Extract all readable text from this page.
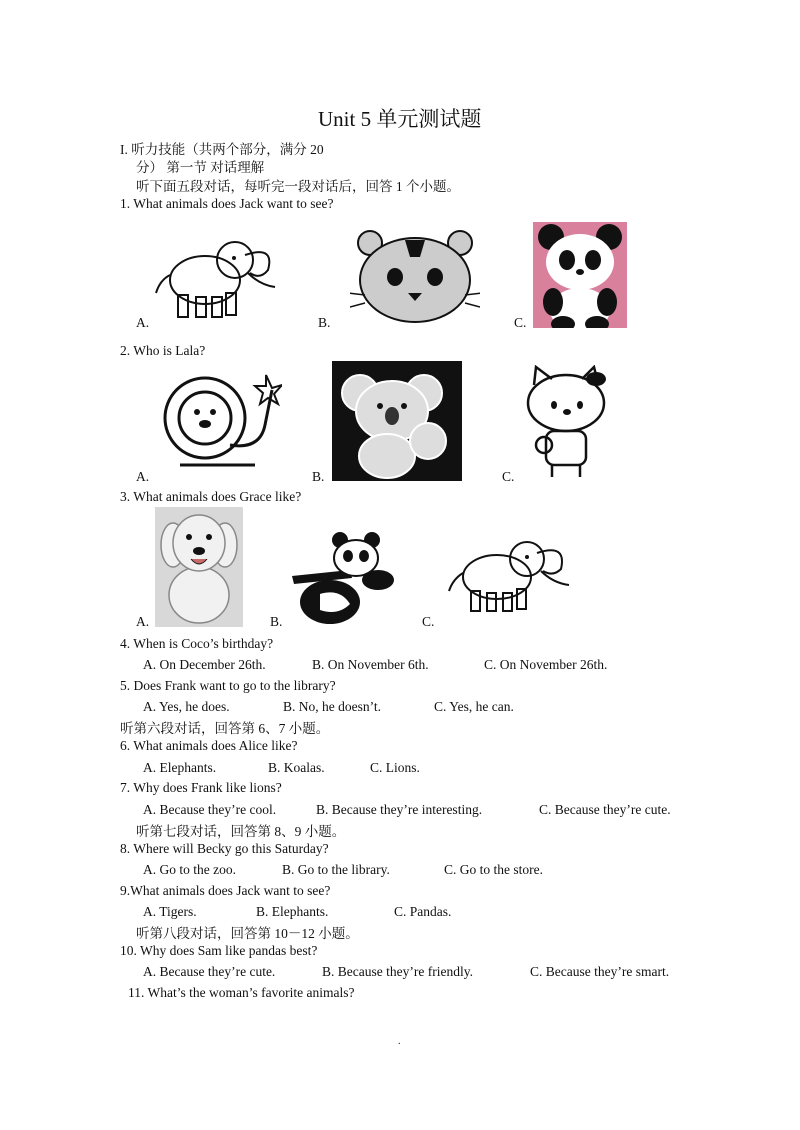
Unit 5 单元测试题
I. 听力技能（共两个部分，满分 20
分） 第一节 对话理解
听下面五段对话，每听完一段对话后，回答 1 个小题。
1. What animals does Jack want to see?
A.	B.	C.
2. Who is Lala?
A.	B.	C.
3. What animals does Grace like?
A.	B.	C.
4. When is Coco’s birthday?
A. On December 26th.	B. On November 6th.	C. On November 26th.
5. Does Frank want to go to the library?
A. Yes, he does.	B. No, he doesn’t.	C. Yes, he can.
听第六段对话，回答第 6、7 小题。
6. What animals does Alice like?
A. Elephants.	B. Koalas.	C. Lions.
7. Why does Frank like lions?
A. Because they’re cool.	B. Because they’re interesting.	C. Because they’re cute.
听第七段对话，回答第 8、9 小题。
8. Where will Becky go this Saturday?
A. Go to the zoo.	B. Go to the library.	C. Go to the store.
9.What animals does Jack want to see?
A. Tigers.	B. Elephants.	C. Pandas.
听第八段对话，回答第 10－12 小题。
10. Why does Sam like pandas best?
A. Because they’re cute.	B. Because they’re friendly.	C. Because they’re smart.
11. What’s the woman’s favorite animals?
.
